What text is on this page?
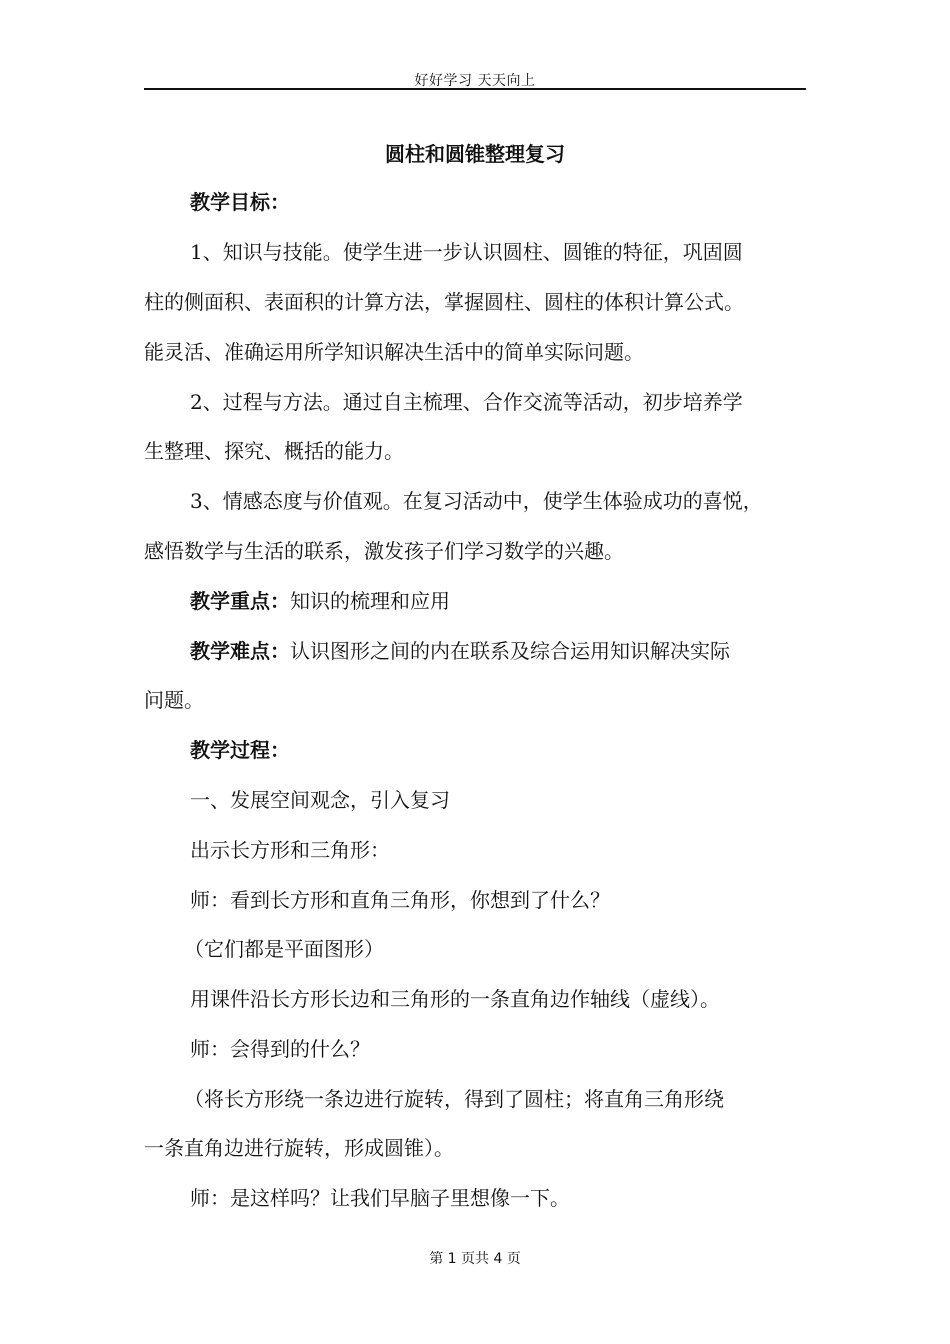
好好学习 天天向上
圆柱和圆锥整理复习
教学目标：
1、知识与技能。使学生进一步认识圆柱、圆锥的特征，巩固圆
柱的侧面积、表面积的计算方法，掌握圆柱、圆柱的体积计算公式。
能灵活、准确运用所学知识解决生活中的简单实际问题。
2、过程与方法。通过自主梳理、合作交流等活动，初步培养学
生整理、探究、概括的能力。
3、情感态度与价值观。在复习活动中，使学生体验成功的喜悦，
感悟数学与生活的联系，激发孩子们学习数学的兴趣。
教学重点：知识的梳理和应用
教学难点：认识图形之间的内在联系及综合运用知识解决实际
问题。
教学过程：
一、发展空间观念，引入复习
出示长方形和三角形：
师：看到长方形和直角三角形，你想到了什么？
（它们都是平面图形）
用课件沿长方形长边和三角形的一条直角边作轴线（虚线）。
师：会得到的什么？
（将长方形绕一条边进行旋转，得到了圆柱；将直角三角形绕
一条直角边进行旋转，形成圆锥）。
师：是这样吗？让我们早脑子里想像一下。
第 1 页共 4 页
